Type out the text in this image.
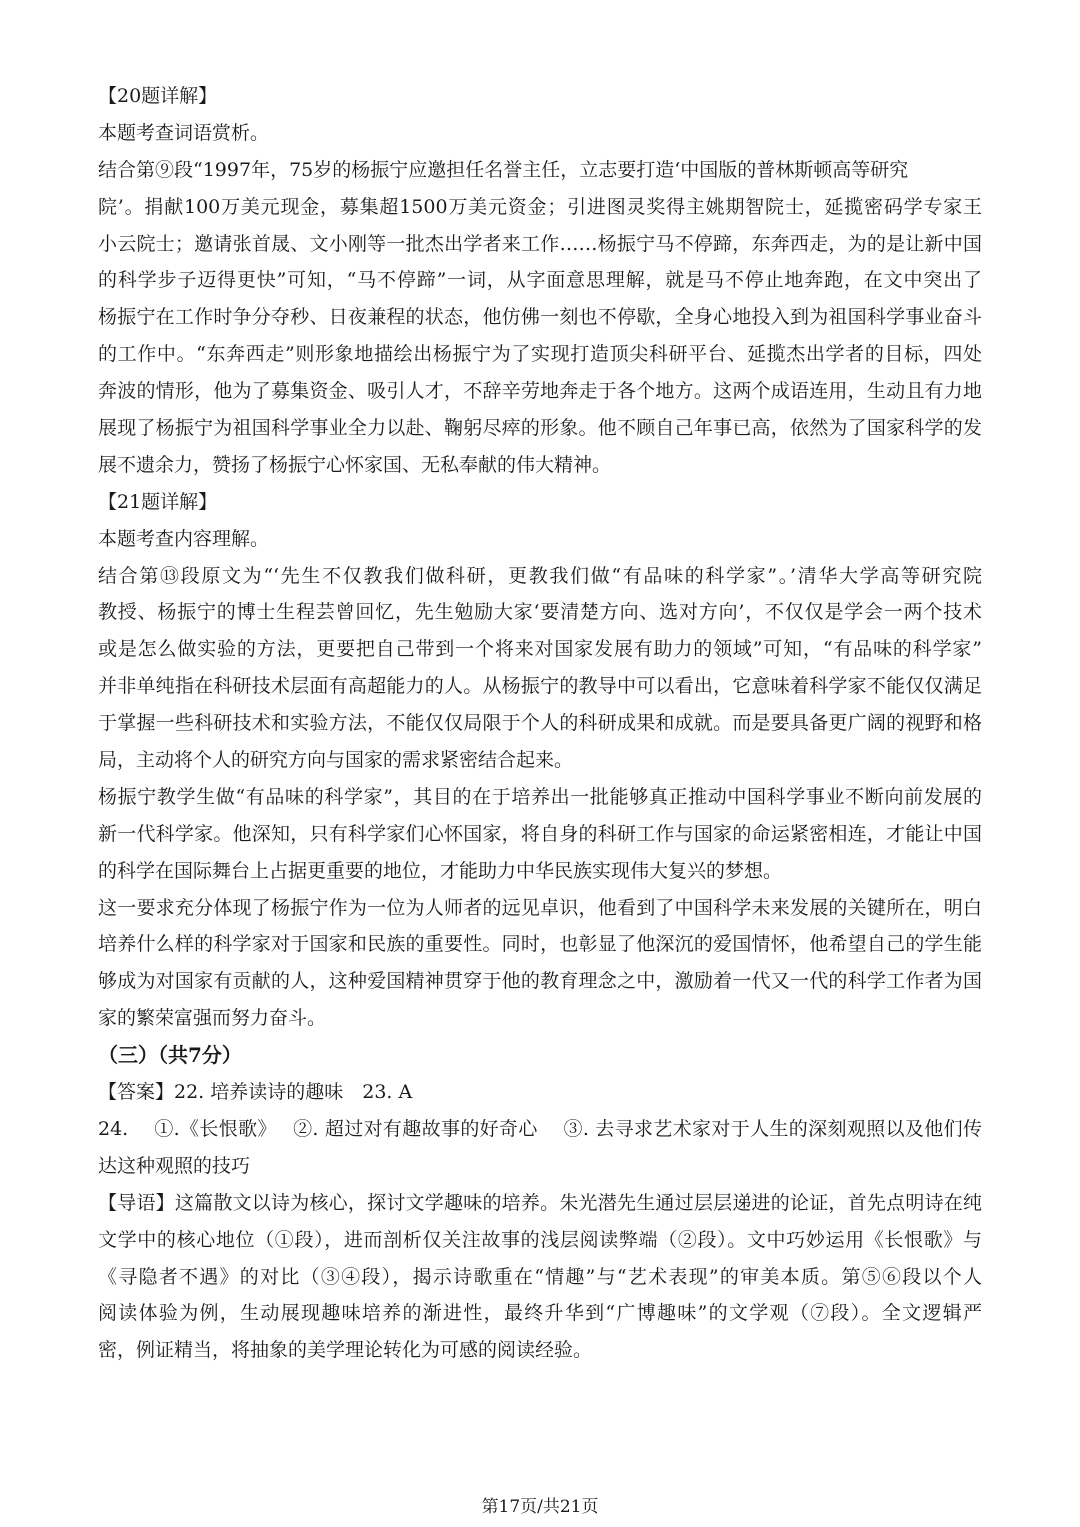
【20题详解】
本题考查词语赏析。
结合第⑨段“1997年，75岁的杨振宁应邀担任名誉主任，立志要打造‘中国版的普林斯顿高等研究
院’。捐献100万美元现金，募集超1500万美元资金；引进图灵奖得主姚期智院士，延揽密码学专家王
小云院士；邀请张首晟、文小刚等一批杰出学者来工作……杨振宁马不停蹄，东奔西走，为的是让新中国
的科学步子迈得更快”可知，“马不停蹄”一词，从字面意思理解，就是马不停止地奔跑，在文中突出了
杨振宁在工作时争分夺秒、日夜兼程的状态，他仿佛一刻也不停歇，全身心地投入到为祖国科学事业奋斗
的工作中。“东奔西走”则形象地描绘出杨振宁为了实现打造顶尖科研平台、延揽杰出学者的目标，四处
奔波的情形，他为了募集资金、吸引人才，不辞辛劳地奔走于各个地方。这两个成语连用，生动且有力地
展现了杨振宁为祖国科学事业全力以赴、鞠躬尽瘁的形象。他不顾自己年事已高，依然为了国家科学的发
展不遗余力，赞扬了杨振宁心怀家国、无私奉献的伟大精神。
【21题详解】
本题考查内容理解。
结合第⑬段原文为“‘先生不仅教我们做科研，更教我们做“有品味的科学家”。’清华大学高等研究院
教授、杨振宁的博士生程芸曾回忆，先生勉励大家‘要清楚方向、选对方向’，不仅仅是学会一两个技术
或是怎么做实验的方法，更要把自己带到一个将来对国家发展有助力的领域”可知，“有品味的科学家”
并非单纯指在科研技术层面有高超能力的人。从杨振宁的教导中可以看出，它意味着科学家不能仅仅满足
于掌握一些科研技术和实验方法，不能仅仅局限于个人的科研成果和成就。而是要具备更广阔的视野和格
局，主动将个人的研究方向与国家的需求紧密结合起来。
杨振宁教学生做“有品味的科学家”，其目的在于培养出一批能够真正推动中国科学事业不断向前发展的
新一代科学家。他深知，只有科学家们心怀国家，将自身的科研工作与国家的命运紧密相连，才能让中国
的科学在国际舞台上占据更重要的地位，才能助力中华民族实现伟大复兴的梦想。
这一要求充分体现了杨振宁作为一位为人师者的远见卓识，他看到了中国科学未来发展的关键所在，明白
培养什么样的科学家对于国家和民族的重要性。同时，也彰显了他深沉的爱国情怀，他希望自己的学生能
够成为对国家有贡献的人，这种爱国精神贯穿于他的教育理念之中，激励着一代又一代的科学工作者为国
家的繁荣富强而努力奋斗。
（三）（共7分）
【答案】22. 培养读诗的趣味　23. A
24.　 ①.《长恨歌》　 ②. 超过对有趣故事的好奇心　 ③. 去寻求艺术家对于人生的深刻观照以及他们传
达这种观照的技巧
【导语】这篇散文以诗为核心，探讨文学趣味的培养。朱光潜先生通过层层递进的论证，首先点明诗在纯
文学中的核心地位（①段），进而剖析仅关注故事的浅层阅读弊端（②段）。文中巧妙运用《长恨歌》与
《寻隐者不遇》的对比（③④段），揭示诗歌重在“情趣”与“艺术表现”的审美本质。第⑤⑥段以个人
阅读体验为例，生动展现趣味培养的渐进性，最终升华到“广博趣味”的文学观（⑦段）。全文逻辑严
密，例证精当，将抽象的美学理论转化为可感的阅读经验。
第17页/共21页
